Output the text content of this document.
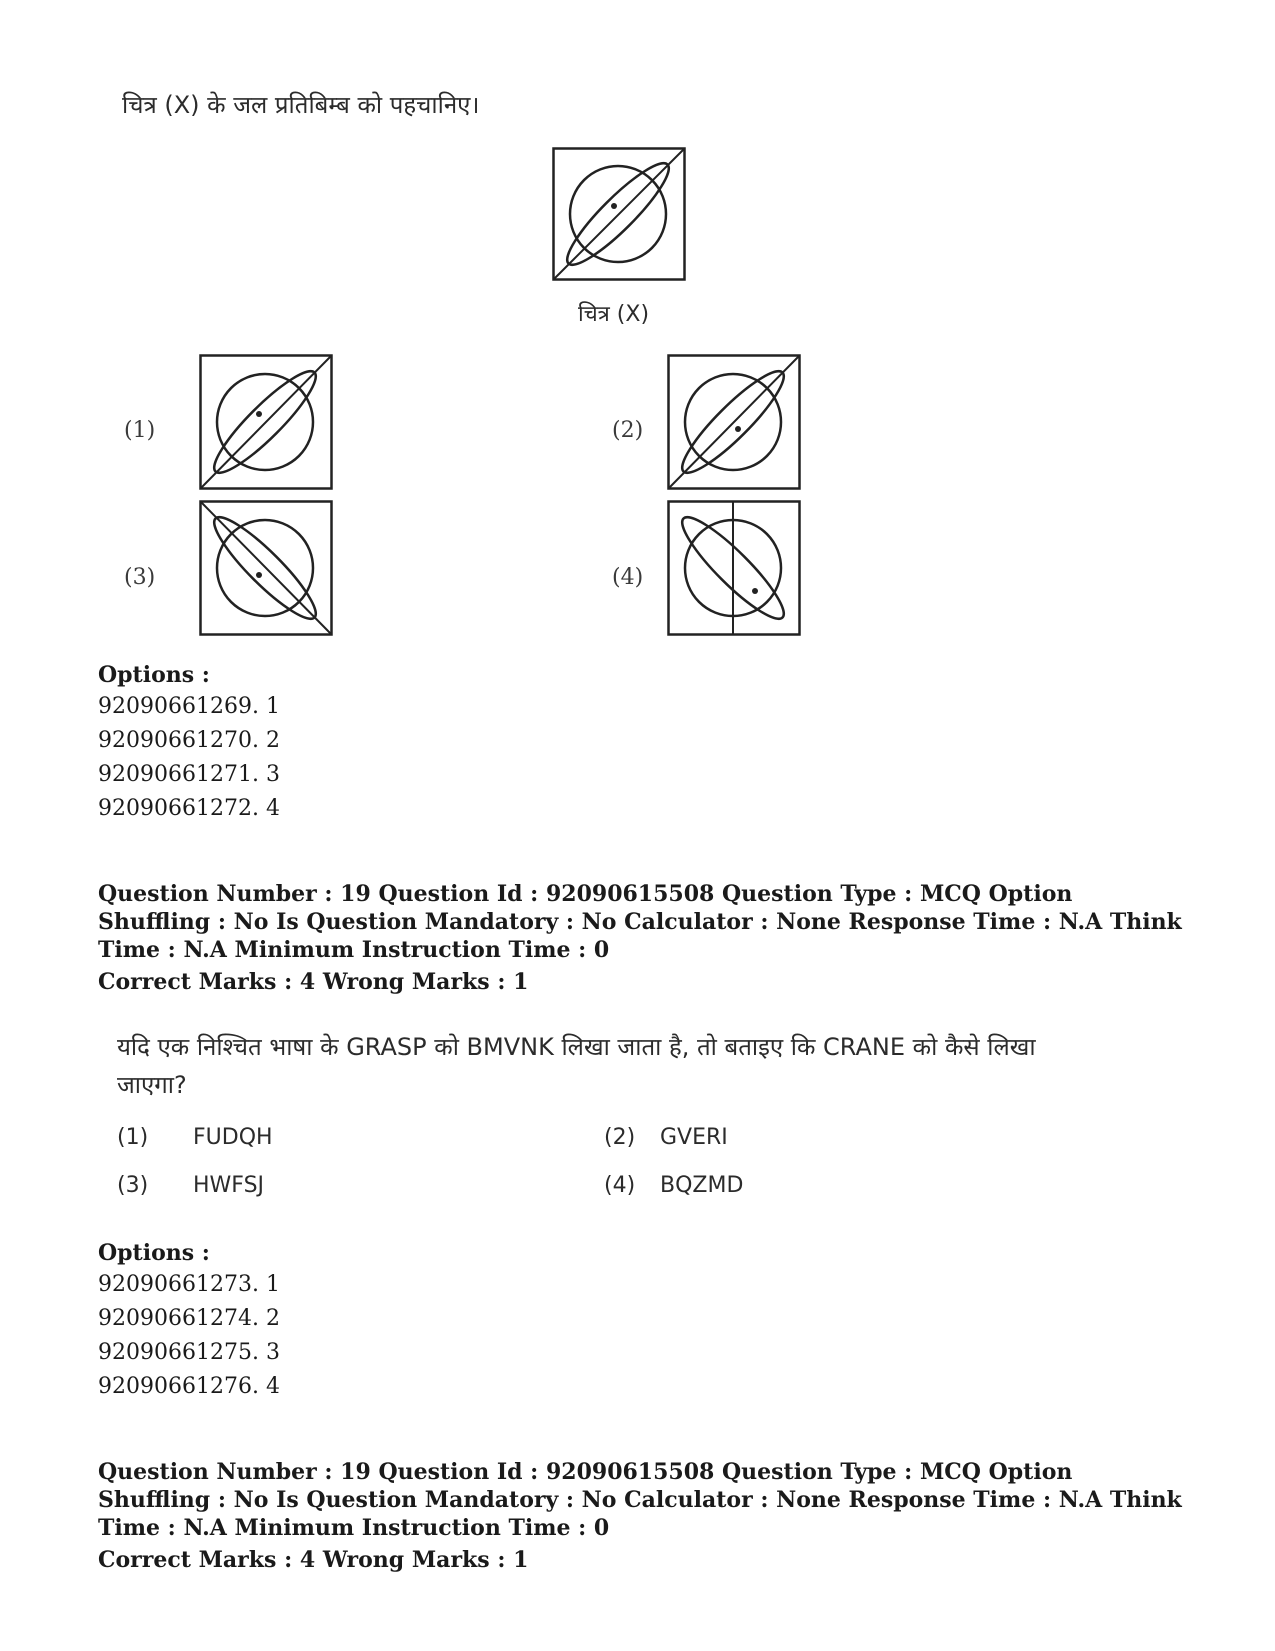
चित्र (X) के जल प्रतिबिम्ब को पहचानिए।
चित्र (X)
(1)	(2)
(3)	(4)
Options :
92090661269. 1
92090661270. 2
92090661271. 3
92090661272. 4
Question Number : 19 Question Id : 92090615508 Question Type : MCQ Option Shuffling : No Is Question Mandatory : No Calculator : None Response Time : N.A Think Time : N.A Minimum Instruction Time : 0
Correct Marks : 4 Wrong Marks : 1
यदि एक निश्चित भाषा के GRASP को BMVNK लिखा जाता है, तो बताइए कि CRANE को कैसे लिखा
जाएगा?
(1) FUDQH	(2) GVERI
(3) HWFSJ	(4) BQZMD
Options :
92090661273. 1
92090661274. 2
92090661275. 3
92090661276. 4
Question Number : 19 Question Id : 92090615508 Question Type : MCQ Option Shuffling : No Is Question Mandatory : No Calculator : None Response Time : N.A Think Time : N.A Minimum Instruction Time : 0
Correct Marks : 4 Wrong Marks : 1
